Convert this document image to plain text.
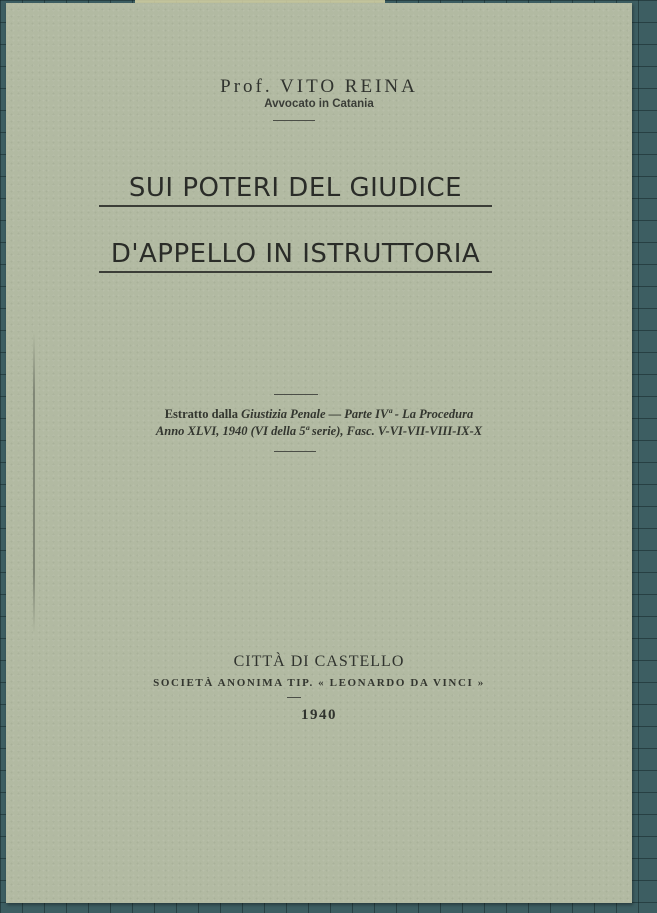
Prof. VITO REINA
Avvocato in Catania
SUI POTERI DEL GIUDICE
D'APPELLO IN ISTRUTTORIA
Estratto dalla Giustizia Penale — Parte IVª - La Procedura
Anno XLVI, 1940 (VI della 5ª serie), Fasc. V-VI-VII-VIII-IX-X
CITTÀ DI CASTELLO
SOCIETÀ ANONIMA TIP. « LEONARDO DA VINCI »
1940
